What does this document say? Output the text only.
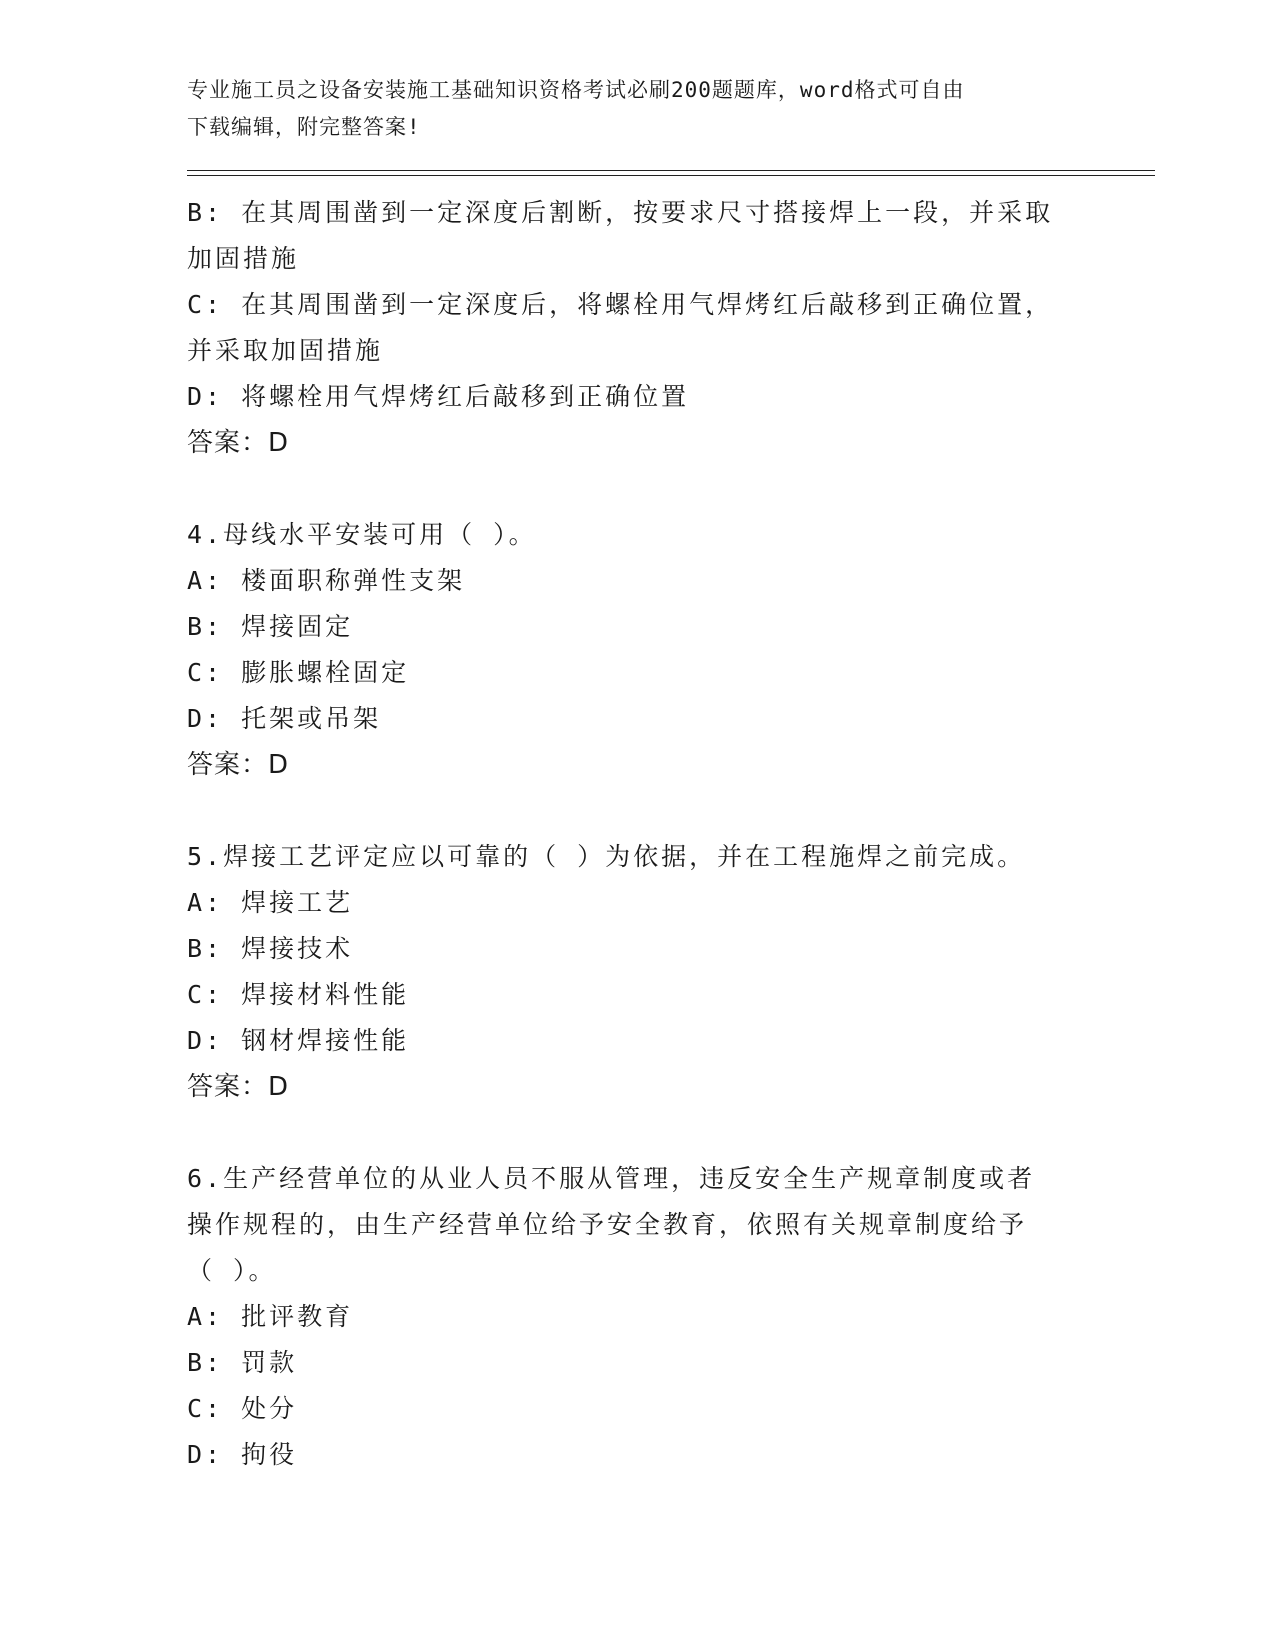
专业施工员之设备安装施工基础知识资格考试必刷200题题库，word格式可自由
下载编辑，附完整答案!
B: 在其周围凿到一定深度后割断，按要求尺寸搭接焊上一段，并采取
加固措施
C: 在其周围凿到一定深度后，将螺栓用气焊烤红后敲移到正确位置，
并采取加固措施
D: 将螺栓用气焊烤红后敲移到正确位置
答案：D
4.母线水平安装可用（ ）。
A: 楼面职称弹性支架
B: 焊接固定
C: 膨胀螺栓固定
D: 托架或吊架
答案：D
5.焊接工艺评定应以可靠的（ ）为依据，并在工程施焊之前完成。
A: 焊接工艺
B: 焊接技术
C: 焊接材料性能
D: 钢材焊接性能
答案：D
6.生产经营单位的从业人员不服从管理，违反安全生产规章制度或者
操作规程的，由生产经营单位给予安全教育，依照有关规章制度给予
（ ）。
A: 批评教育
B: 罚款
C: 处分
D: 拘役
